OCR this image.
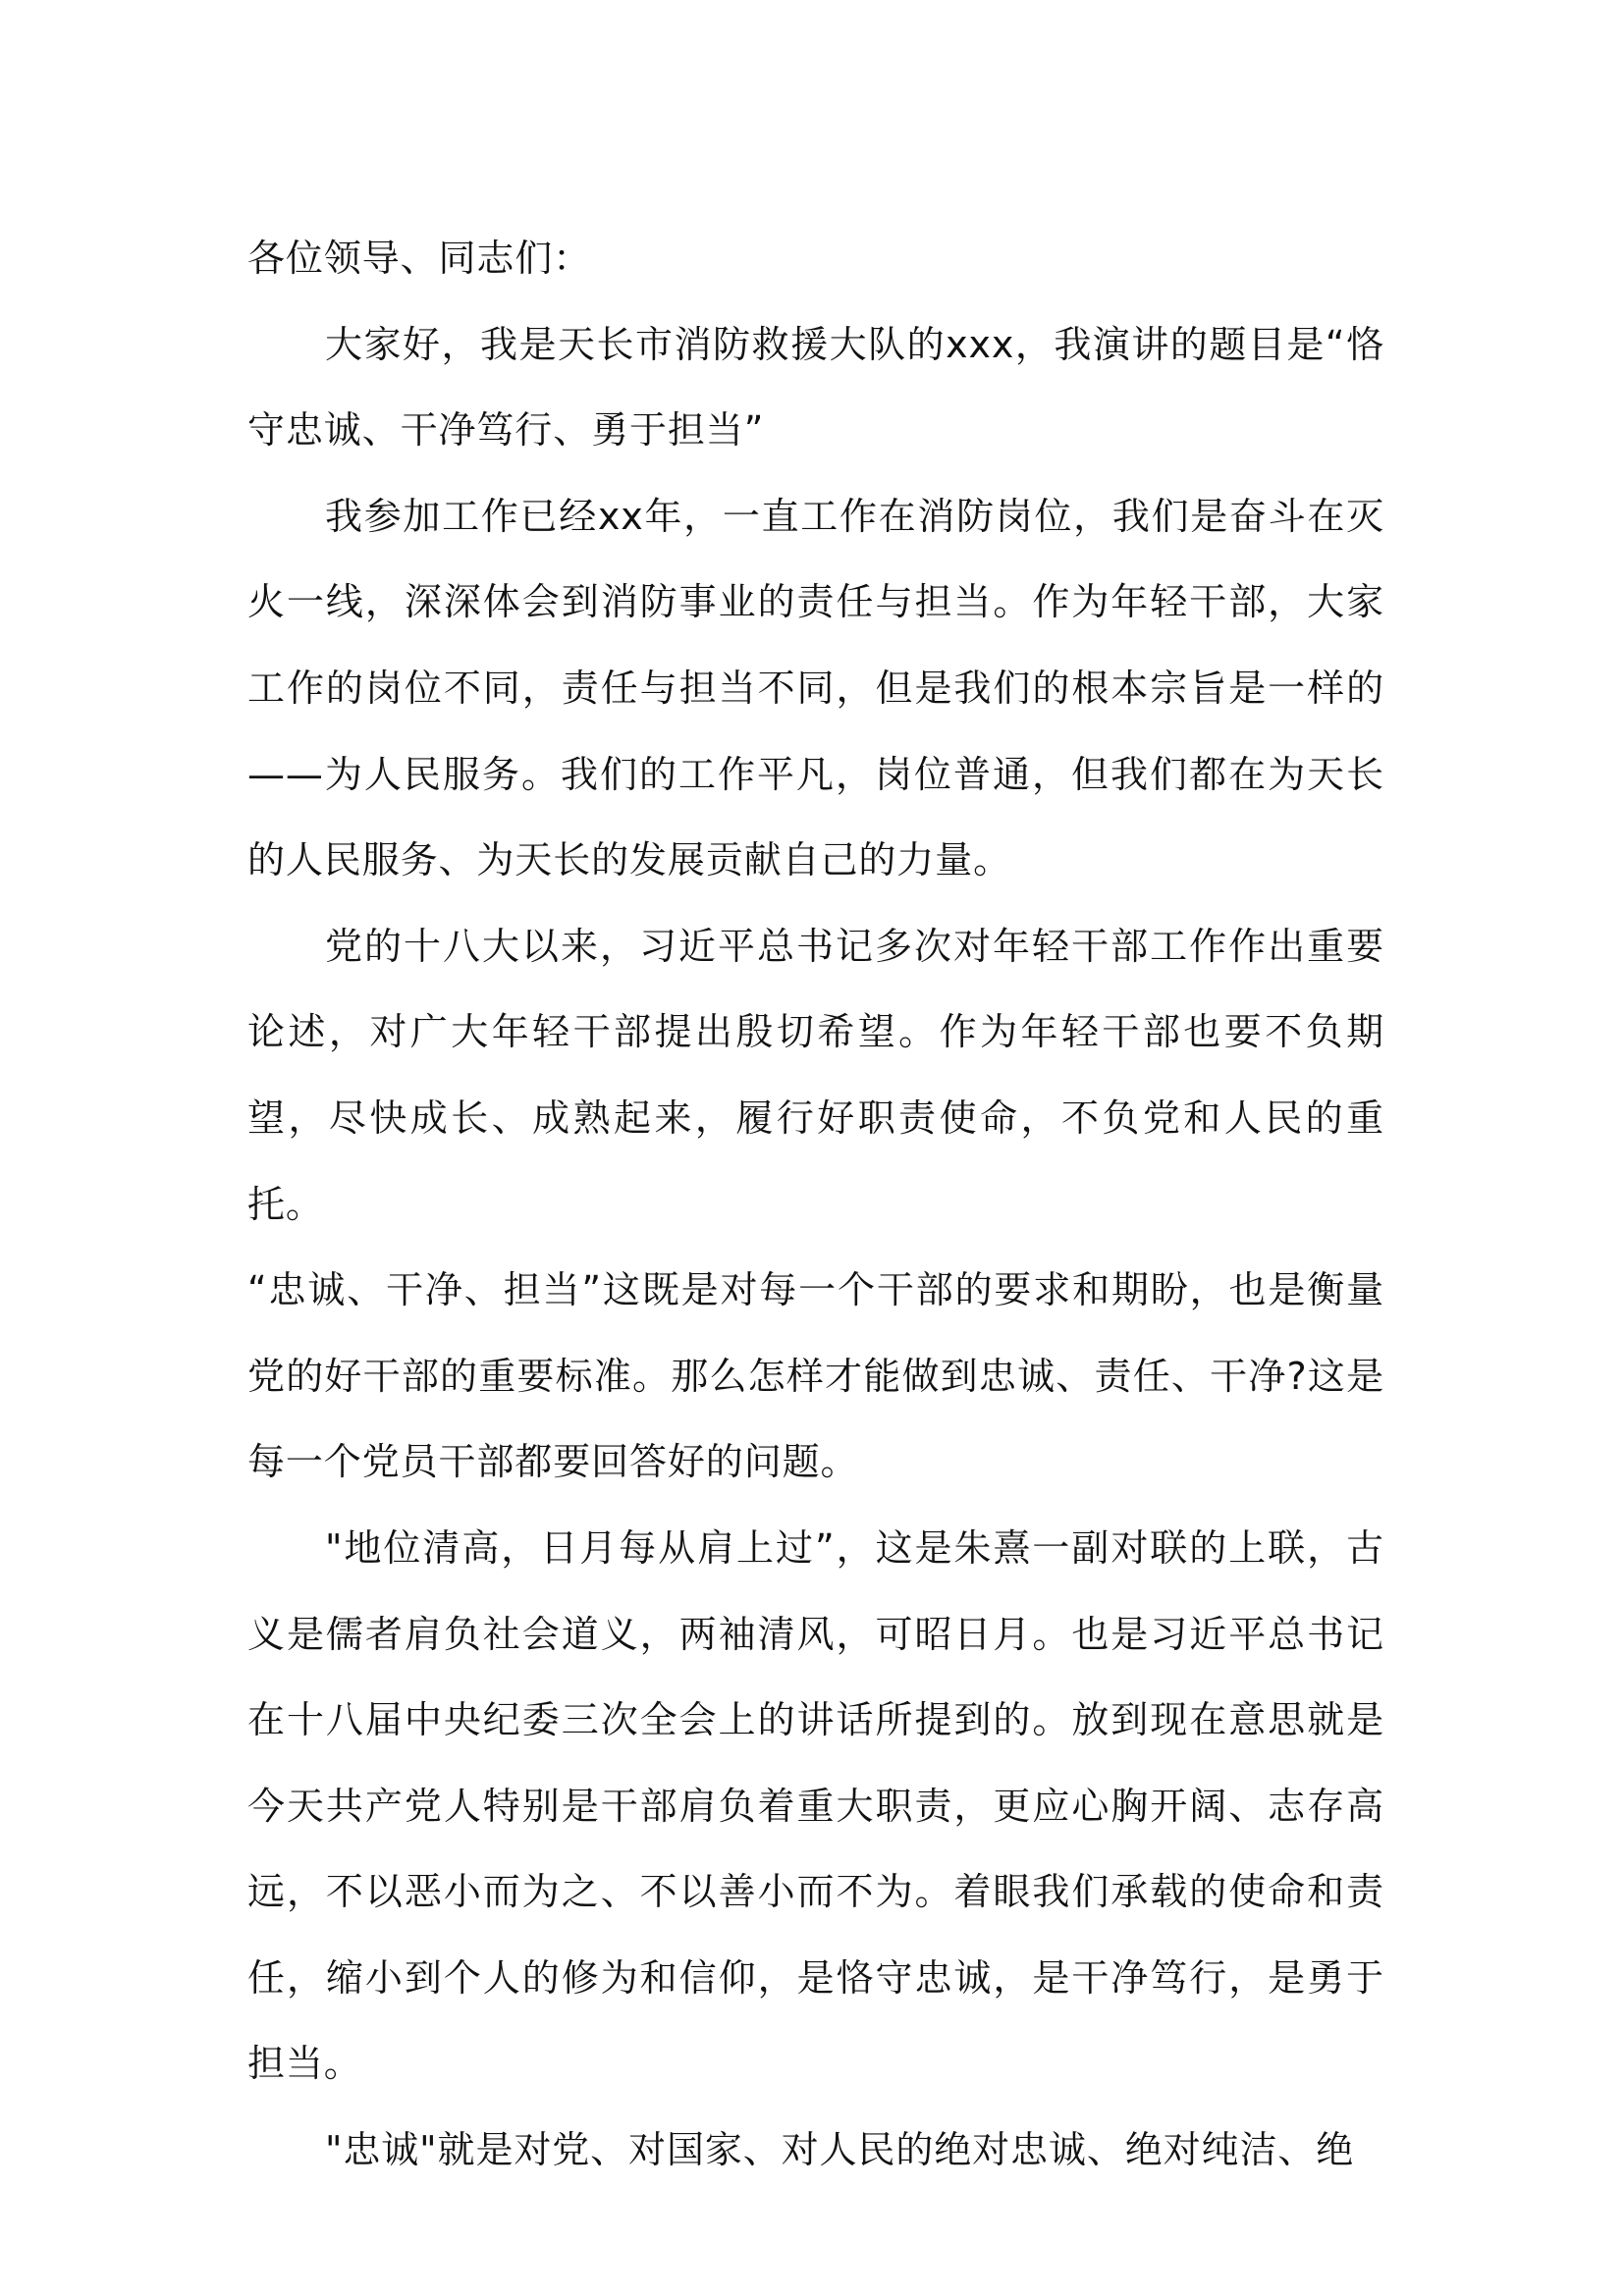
各位领导、同志们：

大家好，我是天长市消防救援大队的xxx，我演讲的题目是“恪守忠诚、干净笃行、勇于担当”

我参加工作已经xx年，一直工作在消防岗位，我们是奋斗在灭火一线，深深体会到消防事业的责任与担当。作为年轻干部，大家工作的岗位不同，责任与担当不同，但是我们的根本宗旨是一样的——为人民服务。我们的工作平凡，岗位普通，但我们都在为天长的人民服务、为天长的发展贡献自己的力量。

党的十八大以来，习近平总书记多次对年轻干部工作作出重要论述，对广大年轻干部提出殷切希望。作为年轻干部也要不负期望，尽快成长、成熟起来，履行好职责使命，不负党和人民的重托。

“忠诚、干净、担当”这既是对每一个干部的要求和期盼，也是衡量党的好干部的重要标准。那么怎样才能做到忠诚、责任、干净?这是每一个党员干部都要回答好的问题。

"地位清高，日月每从肩上过”，这是朱熹一副对联的上联，古义是儒者肩负社会道义，两袖清风，可昭日月。也是习近平总书记在十八届中央纪委三次全会上的讲话所提到的。放到现在意思就是今天共产党人特别是干部肩负着重大职责，更应心胸开阔、志存高远，不以恶小而为之、不以善小而不为。着眼我们承载的使命和责任，缩小到个人的修为和信仰，是恪守忠诚，是干净笃行，是勇于担当。

"忠诚"就是对党、对国家、对人民的绝对忠诚、绝对纯洁、绝
